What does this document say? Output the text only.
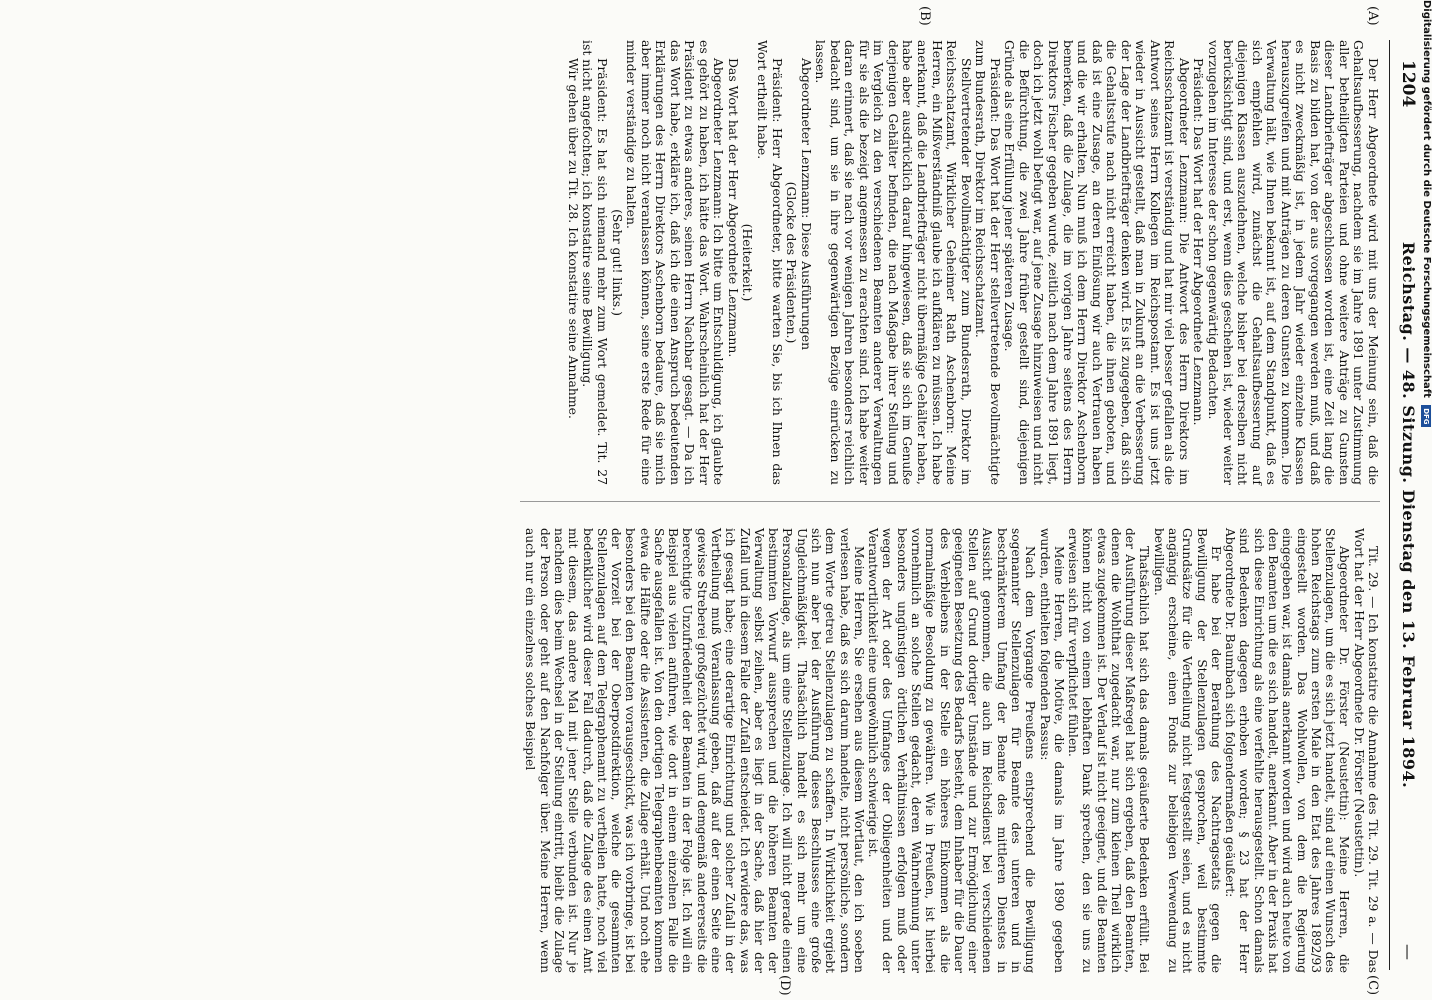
1204
Reichstag. — 48. Sitzung. Dienstag den 13. Februar 1894.
—
(A)
(B)
(C)
(D)

Der Herr Abgeordnete wird mit uns der Meinung sein, daß die Gehaltsaufbesserung, nachdem sie im Jahre 1891 unter Zustimmung aller betheiligten Parteien und ohne weitere Anträge zu Gunsten dieser Landbriefträger abgeschlossen worden ist, eine Zeit lang die Basis zu bilden hat, von der aus vorgegangen werden muß, und daß es nicht zweckmäßig ist, in jedem Jahr wieder einzelne Klassen herauszugreifen und mit Anträgen zu deren Gunsten zu kommen. Die Verwaltung hält, wie Ihnen bekannt ist, auf dem Standpunkt, daß es sich empfehlen wird, zunächst die Gehaltsaufbesserung auf diejenigen Klassen auszudehnen, welche bisher bei derselben nicht berücksichtigt sind, und erst, wenn dies geschehen ist, wieder weiter vorzugehen im Interesse der schon gegenwärtig Bedachten.

Präsident: Das Wort hat der Herr Abgeordnete Lenzmann.

Abgeordneter Lenzmann: Die Antwort des Herrn Direktors im Reichsschatzamt ist verständig und hat mir viel besser gefallen als die Antwort seines Herrn Kollegen im Reichspostamt. Es ist uns jetzt wieder in Aussicht gestellt, daß man in Zukunft an die Verbesserung der Lage der Landbriefträger denken wird. Es ist zugegeben, daß sich die Gehaltsstufe nach nicht erreicht haben, die ihnen geboten, und daß ist eine Zusage, an deren Einlösung wir auch Vertrauen haben und die wir erhalten. Nun muß ich dem Herrn Direktor Aschenborn bemerken, daß die Zulage, die im vorigen Jahre seitens des Herrn Direktors Fischer gegeben wurde, zeitlich nach dem Jahre 1891 liegt, doch ich jetzt wohl befugt war, auf jene Zusage hinzuweisen und nicht die Befürchtung, die zwei Jahre früher gestellt sind, diejenigen Gründe als eine Erfüllung jener späteren Zusage.

Präsident: Das Wort hat der Herr stellvertretende Bevollmächtigte zum Bundesrath, Direktor im Reichsschatzamt.

Stellvertretender Bevollmächtigter zum Bundesrath, Direktor im Reichsschatzamt, Wirklicher Geheimer Rath Aschenborn: Meine Herren, ein Mißverständniß glaube ich aufklären zu müssen. Ich habe anerkannt, daß die Landbriefträger nicht übermäßige Gehälter haben, habe aber ausdrücklich darauf hingewiesen, daß sie sich im Genuße derjenigen Gehälter befinden, die nach Maßgabe ihrer Stellung und im Vergleich zu den verschiedenen Beamten anderer Verwaltungen für sie als die bezeigt angemessen zu erachten sind. Ich habe weiter daran erinnert, daß sie nach vor wenigen Jahren besonders reichlich bedacht sind, um sie in ihre gegenwärtigen Bezüge einrücken zu lassen.

Abgeordneter Lenzmann: Diese Ausführungen

(Glocke des Präsidenten.)

Präsident: Herr Abgeordneter, bitte warten Sie, bis ich Ihnen das Wort ertheilt habe.

(Heiterkeit.)

Das Wort hat der Herr Abgeordnete Lenzmann.

Abgeordneter Lenzmann: Ich bitte um Entschuldigung, ich glaubte es gehört zu haben, ich hätte das Wort. Wahrscheinlich hat der Herr Präsident zu etwas anderes, seinen Herrn Nachbar gesagt. — Da ich das Wort habe, erkläre ich, daß ich die einen Anspruch bedeutenden Erklärungen des Herrn Direktors Aschenborn bedaure, daß sie mich aber immer noch nicht veranlassen können, seine erste Rede für eine minder verständige zu halten.

(Sehr gut! links.)

Präsident: Es hat sich niemand mehr zum Wort gemeldet. Tit. 27 ist nicht angefochten; ich konstatire seine Bewilligung.

Wir gehen über zu Tit. 28. Ich konstatire seine Annahme.

Tit. 29. — Ich konstatire die Annahme des Tit. 29. Tit. 29 a. — Das Wort hat der Herr Abgeordnete Dr. Förster (Neustettin).

Abgeordneter Dr. Förster (Neustettin): Meine Herren, die Stellenzulagen, um die es sich jetzt handelt, sind auf einen Wunsch des hohen Reichstags zum ersten Male in den Etat des Jahres 1892/93 eingestellt worden. Das Wohlwollen, von dem die Regierung eingegeben war, ist damals anerkannt worden und wird auch heute von den Beamten um die es sich handelt, anerkannt. Aber in der Praxis hat sich diese Einrichtung als eine verfehlte herausgestellt. Schon damals sind Bedenken dagegen erhoben worden; § 23 hat der Herr Abgeordnete Dr. Baumbach sich folgendermaßen geäußert:

Er habe bei der Berathung des Nachtragsetats gegen die Bewilligung der Stellenzulagen gesprochen, weil bestimmte Grundsätze für die Vertheilung nicht festgestellt seien, und es nicht angängig erscheine, einen Fonds zur beliebigen Verwendung zu bewilligen.

Thatsächlich hat sich das damals geäußerte Bedenken erfüllt. Bei der Ausführung dieser Maßregel hat sich ergeben, daß den Beamten, denen die Wohlthat zugedacht war, nur zum kleinen Theil wirklich etwas zugekommen ist. Der Verlauf ist nicht geeignet, und die Beamten können nicht von einem lebhaften Dank sprechen, den sie uns zu erweisen sich für verpflichtet fühlen.

Meine Herren, die Motive, die damals im Jahre 1890 gegeben wurden, enthielten folgenden Passus:

Nach dem Vorgange Preußens entsprechend die Bewilligung sogenannter Stellenzulagen für Beamte des unteren und in beschränkterem Umfang der Beamte des mittleren Dienstes in Aussicht genommen, die auch im Reichsdienst bei verschiedenen Stellen auf Grund dortiger Umstände und zur Ermöglichung einer geeigneten Besetzung des Bedarfs besteht, dem Inhaber für die Dauer des Verbleibens in der Stelle ein höheres Einkommen als die normalmäßige Besoldung zu gewähren. Wie in Preußen, ist hierbei vornehmlich an solche Stellen gedacht, deren Wahrnehmung unter besonders ungünstigen örtlichen Verhältnissen erfolgen muß oder wegen der Art oder des Umfanges der Obliegenheiten und der Verantwortlichkeit eine ungewöhnlich schwierige ist.

Meine Herren, Sie ersehen aus diesem Wortlaut, den ich soeben verlesen habe, daß es sich darum handelte, nicht persönliche, sondern dem Worte getreu Stellenzulagen zu schaffen. In Wirklichkeit ergiebt sich nun aber bei der Ausführung dieses Beschlusses eine große Ungleichmäßigkeit. Thatsächlich handelt es sich mehr um eine Personalzulage, als um eine Stellenzulage. Ich will nicht gerade einen bestimmten Vorwurf aussprechen und die höheren Beamten der Verwaltung selbst zeihen, aber es liegt in der Sache, daß hier der Zufall und in diesem Falle der Zufall entscheidet. Ich erwidere das, was ich gesagt habe; eine derartige Einrichtung und solcher Zufall in der Vertheilung muß Veranlassung geben, daß auf der einen Seite eine gewisse Streberei großgezüchtet wird, und demgemäß andererseits die berechtigte Unzufriedenheit der Beamten in der Folge ist. Ich will ein Beispiel aus vielen anführen, wie dort in einem einzelnen Falle die Sache ausgefallen ist. Von den dortigen Telegraphenbeamten kommen etwa die Hälfte oder die Assistenten, die Zulage erhält. Und noch ehe besonders bei den Beamten vorausgeschickt, was ich vorbringe, ist bei der Vorzeit bei der Oberpostdirektion, welche die gesammten Stellenzulagen auf dem Telegraphenamt zu vertheilen hatte, noch viel bedenklicher wird dieser Fall dadurch, daß die Zulage des einen Amt mit diesem, das andere Mal mit jener Stelle verbunden ist. Nur je nachdem dies beim Wechsel in der Stellung eintritt, bleibt die Zulage der Person oder geht auf den Nachfolger über. Meine Herren, wenn auch nur ein einzelnes solches Beispiel

Digitalisierung gefördert durch die Deutsche Forschungsgemeinschaft DFG
